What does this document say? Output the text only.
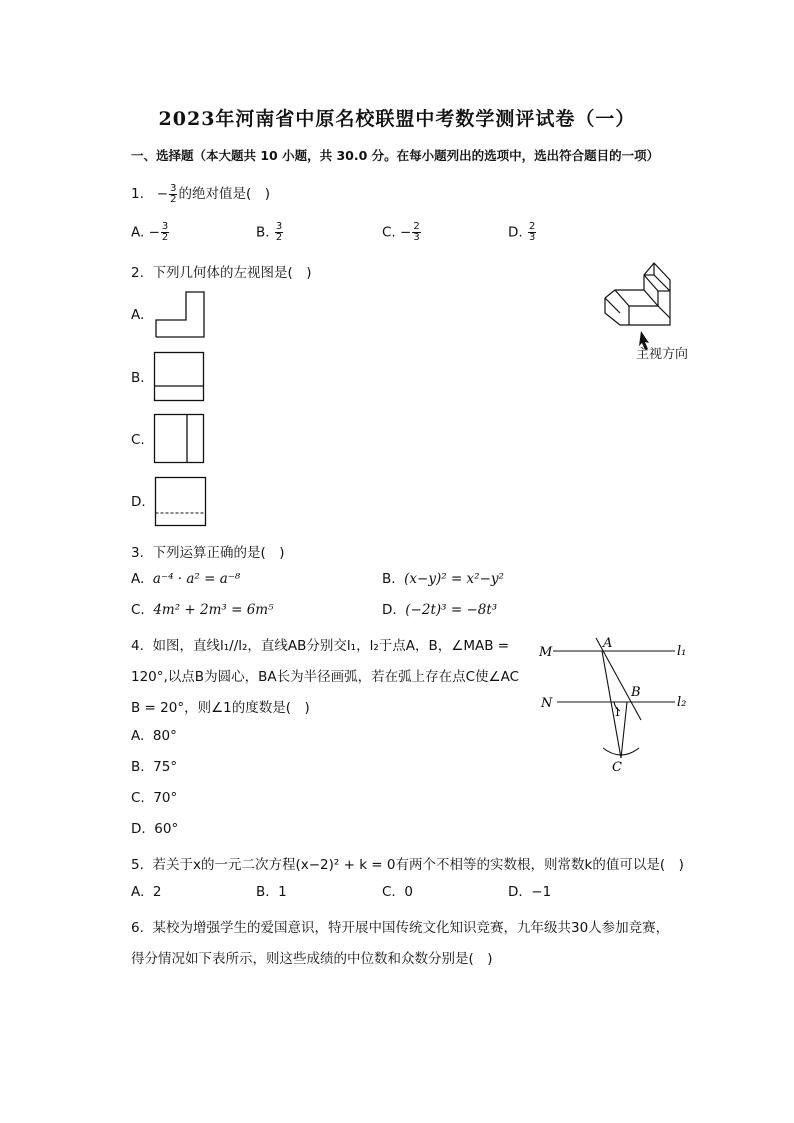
2023年河南省中原名校联盟中考数学测评试卷（一）
一、选择题（本大题共 10 小题，共 30.0 分。在每小题列出的选项中，选出符合题目的一项）
1. − $\frac{3}{2}$ 的绝对值是(　)
A. − $\frac{3}{2}$	B. $\frac{3}{2}$	C. − $\frac{2}{3}$	D. $\frac{2}{3}$
2. 下列几何体的左视图是(　)
A.
B.
C.
D.
主视方向
3. 下列运算正确的是(　)
A. a⁻⁴ · a² = a⁻⁸	B. (x−y)² = x²−y²
C. 4m² + 2m³ = 6m⁵	D. (−2t)³ = −8t³
4. 如图，直线l₁//l₂，直线AB分别交l₁，l₂于点A，B，∠MAB =
120°,以点B为圆心，BA长为半径画弧，若在弧上存在点C使∠AC
B = 20°，则∠1的度数是(　)
A. 80°
B. 75°
C. 70°
D. 60°
M
N
A
B
C
l₁
l₂
1
5. 若关于x的一元二次方程(x−2)² + k = 0有两个不相等的实数根，则常数k的值可以是(　)
A. 2	B. 1	C. 0	D. −1
6. 某校为增强学生的爱国意识，特开展中国传统文化知识竞赛，九年级共30人参加竞赛，
得分情况如下表所示，则这些成绩的中位数和众数分别是(　)
